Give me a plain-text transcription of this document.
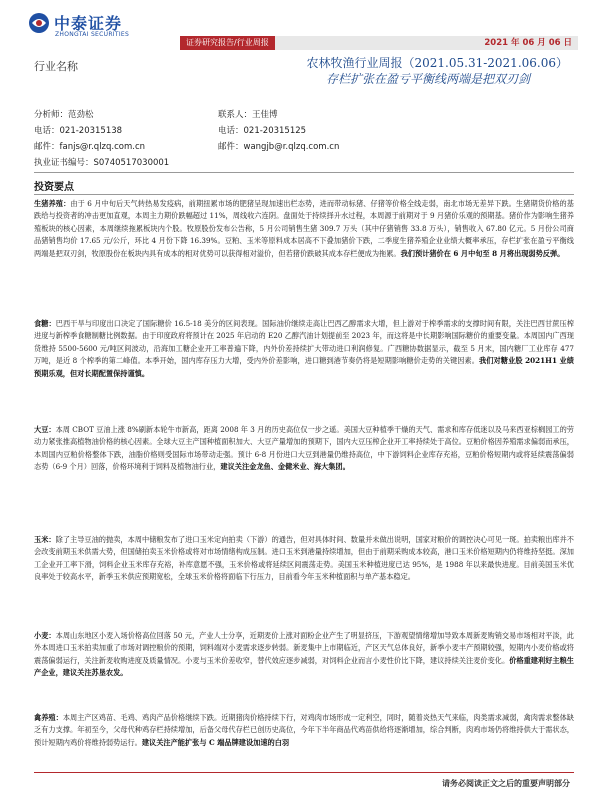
中泰证券
ZHONGTAI SECURITIES
证券研究报告/行业周报	2021 年 06 月 06 日
行业名称	农林牧渔行业周报（2021.05.31-2021.06.06）
存栏扩张在盈亏平衡线两端是把双刃剑
分析师：范劲松
电话：021-20315138
邮件：fanjs@r.qlzq.com.cn
执业证书编号：S0740517030001
联系人：王佳博
电话：021-20315125
邮件：wangjb@r.qlzq.com.cn
投资要点
生猪养殖：由于 6 月中旬后天气转热易发疫病，前期扭累市场的肥猪呈现加速出栏态势，进而带动标猪、仔猪等价格全线走弱，南北市场无差异下跌。生猪期货价格的基跌给与投资者的冲击更加直观，本周主力期价跌幅超过 11%，周线收六连阴。盘面处于持续择升水过程，本周源于前期对于 9 月猪价乐观的预期基。猪价作为影响生猪养殖板块的核心因素，本周继续拖累板块内个股。牧原股份发布公告称，5 月公司销售生猪 309.7 万头（其中仔猪销售 33.8 万头），销售收入 67.80 亿元。5 月份公司商品猪销售均价 17.65 元/公斤，环比 4 月份下降 16.39%。豆粕、玉米等原料成本居高不下叠加猪价下跌，二季度生猪养殖企业业绩大概率承压，存栏扩张在盈亏平衡线两端是把双刃剑，牧原股份在板块内具有成本的相对优势可以获得相对溢价，但若猪价跌破其成本存栏便成为拖累。我们预计猪价在 6 月中旬至 8 月将出现弱势反弹。
食糖：巴西干旱与印度出口决定了国际糖价 16.5-18 美分的区间表现。国际油价继续走高让巴西乙醇需求大增，但上游对于榨季需求的支撑时间有限，关注巴西甘蔗压榨进度与新榨季食糖制糖比例数据。由于印度政府将预计在 2025 年启动的 E20 乙醇汽油计划提前至 2023 年，而这将是中长期影响国际糖价的重要变量。本周国内广西现货维持 5500-5600 元/吨区间波动，沿海加工糖企业开工率普遍下降，内外价差持续扩大带动进口利润修复。广西糖协数据显示，截至 5 月末，国内糖厂工业库存 477 万吨，是近 8 个榨季的第二峰值。本季开始，国内库存压力大增，受内外价差影响，进口糖到港节奏仍将是短期影响糖价走势的关键因素。我们对糖业股 2021H1 业绩预期乐观，但对长期配置保持谨慎。
大豆：本周 CBOT 豆油上涨 8%刷新本轮牛市新高，距离 2008 年 3 月的历史高位仅一步之遥。美国大豆种植季干燥的天气、需求和库存低迷以及马来西亚棕榈园工的劳动力紧张推高植物油价格的核心因素。全球大豆主产国种植面积加大、大豆产量增加的预期下，国内大豆压榨企业开工率持续处于高位。豆粕价格因养殖需求偏弱而承压，本周国内豆粕价格整体下跌，油脂价格则受国际市场带动走强。预计 6-8 月份进口大豆到港量仍维持高位，中下游饲料企业库存充裕，豆粕价格短期内或将延续震荡偏弱态势（6-9 个月）回落，价格环境利于饲料及植物油行业，建议关注金龙鱼、金健米业、海大集团。
玉米：除了主导豆油的抛卖，本周中储粮发布了进口玉米定向拍卖（下游）的通告，但对具体时间、数量并未做出说明，国家对粮价的调控决心可见一斑。拍卖粮出库并不会改变前期玉米供需大势，但国储拍卖玉米价格或将对市场情绪构成压制。进口玉米到港量持续增加，但由于前期采购成本较高，港口玉米价格短期内仍将维持坚挺。深加工企业开工率下滑，饲料企业玉米库存充裕，补库意愿不强，玉米价格或将延续区间震荡走势。美国玉米种植进度已达 95%，是 1988 年以来最快进度。目前美国玉米优良率处于较高水平，新季玉米供应预期宽松，全球玉米价格将面临下行压力，目前看今年玉米种植面积与单产基本稳定。
小麦：本周山东地区小麦入场价格高位回落 50 元，产业人士分享，近期麦价上涨对面粉企业产生了明显挤压，下游观望情绪增加导致本周新麦购销交易市场相对平淡，此外本周进口玉米拍卖加重了市场对调控粮价的预期，饲料端对小麦需求逐步转弱。新麦集中上市期临近，产区天气总体良好，新季小麦丰产预期较强，短期内小麦价格或将震荡偏弱运行，关注新麦收购进度及质量情况。小麦与玉米价差收窄，替代效应逐步减弱，对饲料企业而言小麦性价比下降，建议持续关注麦价变化。价格重建利好主粮生产企业，建议关注苏垦农发。
禽养殖：本周主产区鸡苗、毛鸡、鸡肉产品价格继续下跌。近期猪肉价格持续下行，对鸡肉市场形成一定利空，同时，随着炎热天气来临，肉类需求减弱，禽肉需求整体缺乏有力支撑。年初至今，父母代种鸡存栏持续增加，后备父母代存栏已创历史高位，今年下半年商品代鸡苗供给将逐渐增加，综合判断，肉鸡市场仍将维持供大于需状态，预计短期内鸡价将维持弱势运行。建议关注产能扩张与 C 端品牌建设加速的白羽
请务必阅读正文之后的重要声明部分
